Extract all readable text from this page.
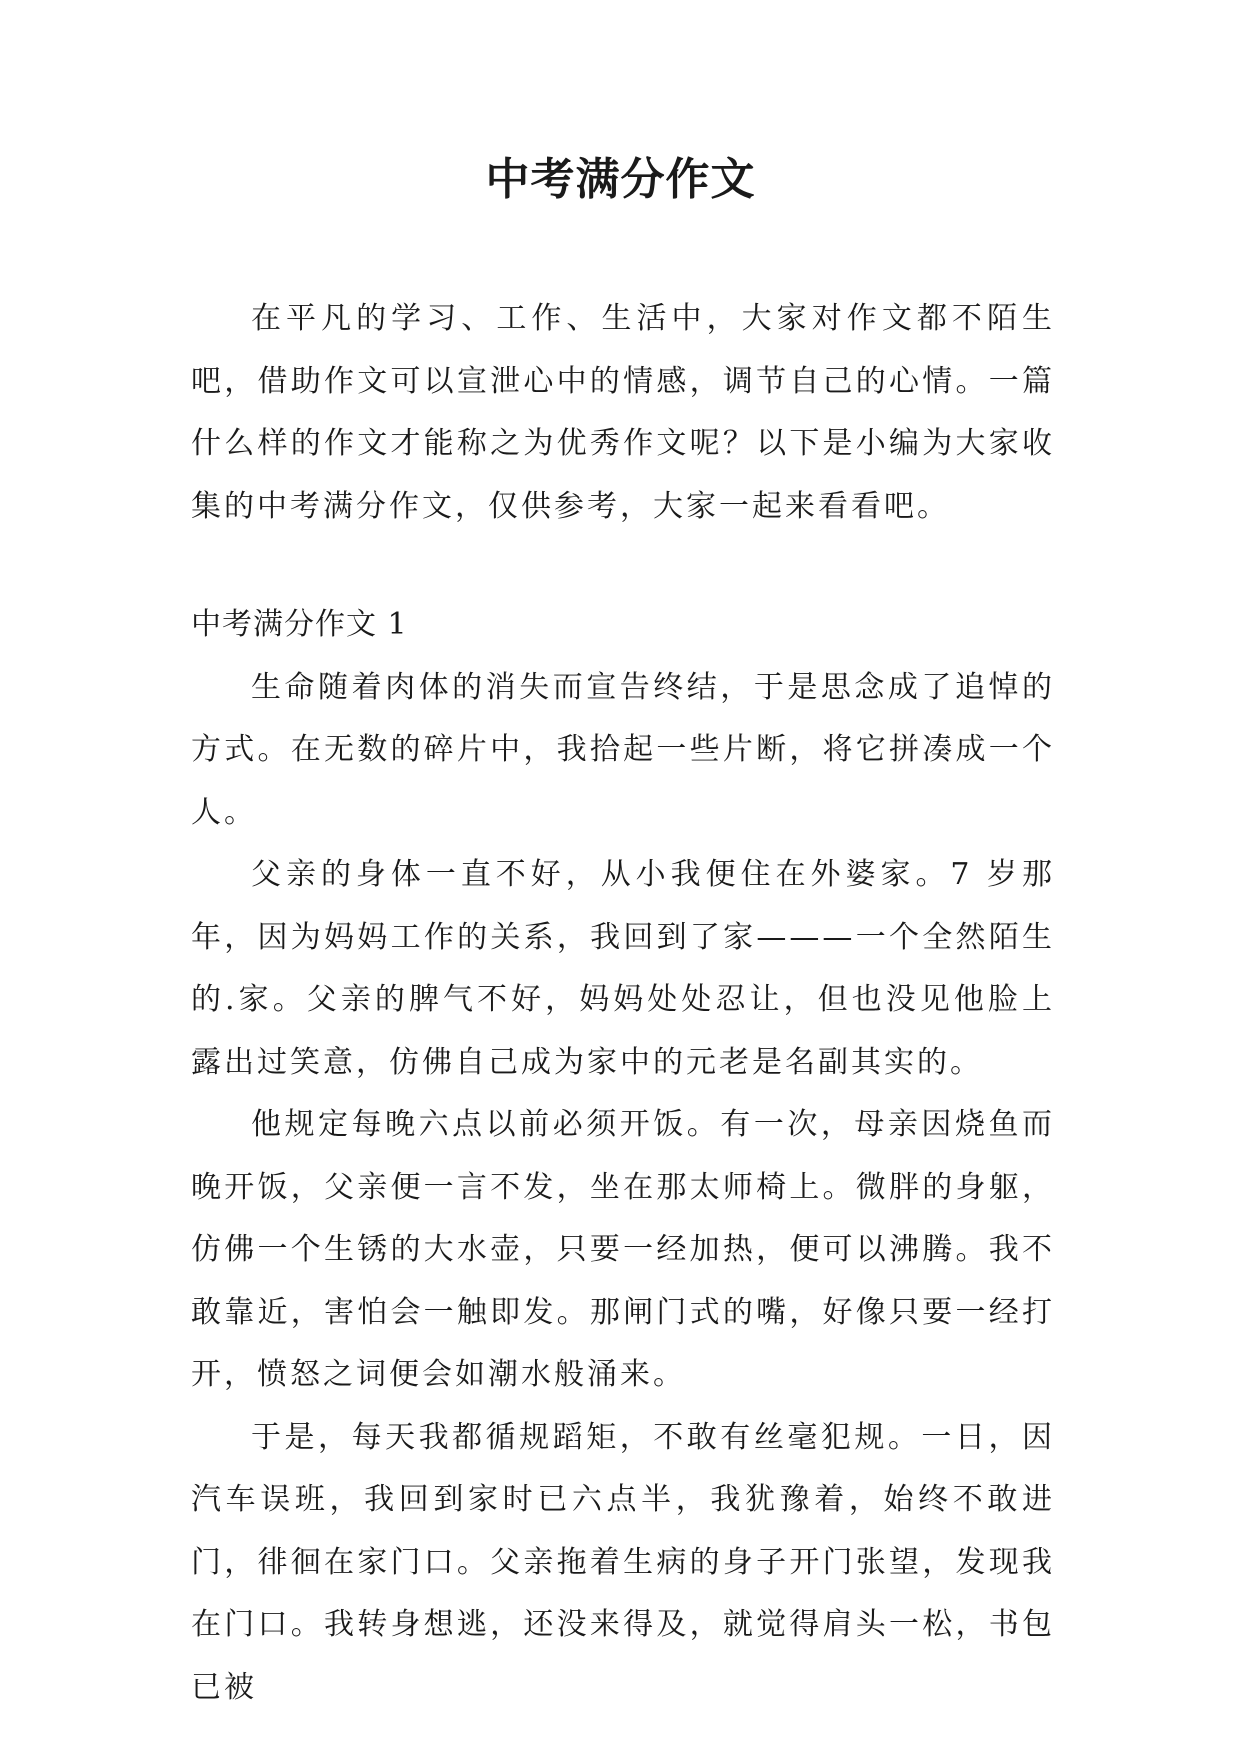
中考满分作文

在平凡的学习、工作、生活中，大家对作文都不陌生吧，借助作文可以宣泄心中的情感，调节自己的心情。一篇什么样的作文才能称之为优秀作文呢？以下是小编为大家收集的中考满分作文，仅供参考，大家一起来看看吧。

中考满分作文 1

生命随着肉体的消失而宣告终结，于是思念成了追悼的方式。在无数的碎片中，我拾起一些片断，将它拼凑成一个人。

父亲的身体一直不好，从小我便住在外婆家。7 岁那年，因为妈妈工作的关系，我回到了家———一个全然陌生的.家。父亲的脾气不好，妈妈处处忍让，但也没见他脸上露出过笑意，仿佛自己成为家中的元老是名副其实的。

他规定每晚六点以前必须开饭。有一次，母亲因烧鱼而晚开饭，父亲便一言不发，坐在那太师椅上。微胖的身躯，仿佛一个生锈的大水壶，只要一经加热，便可以沸腾。我不敢靠近，害怕会一触即发。那闸门式的嘴，好像只要一经打开，愤怒之词便会如潮水般涌来。

于是，每天我都循规蹈矩，不敢有丝毫犯规。一日，因汽车误班，我回到家时已六点半，我犹豫着，始终不敢进门，徘徊在家门口。父亲拖着生病的身子开门张望，发现我在门口。我转身想逃，还没来得及，就觉得肩头一松，书包已被
